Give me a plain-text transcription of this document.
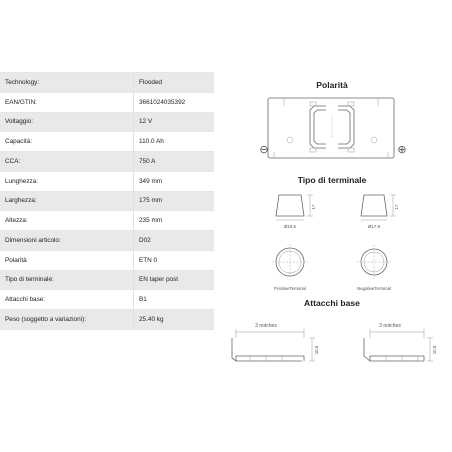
Technology:	Flooded
EAN/GTIN:	3661024035392
Voltaggio:	12 V
Capacità:	110.0 Ah
CCA:	750 A
Lunghezza:	349 mm
Larghezza:	175 mm
Altezza:	235 mm
Dimensioni articolo:	D02
Polarità	ETN 0
Tipo di terminale:	EN taper post
Attacchi base:	B1
Peso (soggetto a variazioni):	25.40 kg
Polarità
⊖	⊕
Tipo di terminale
17
Ø19.5
17
Ø17.9
PositiveTerminal	NegativeTerminal
Attacchi base
3 notches
10.5
3 notches
10.5
